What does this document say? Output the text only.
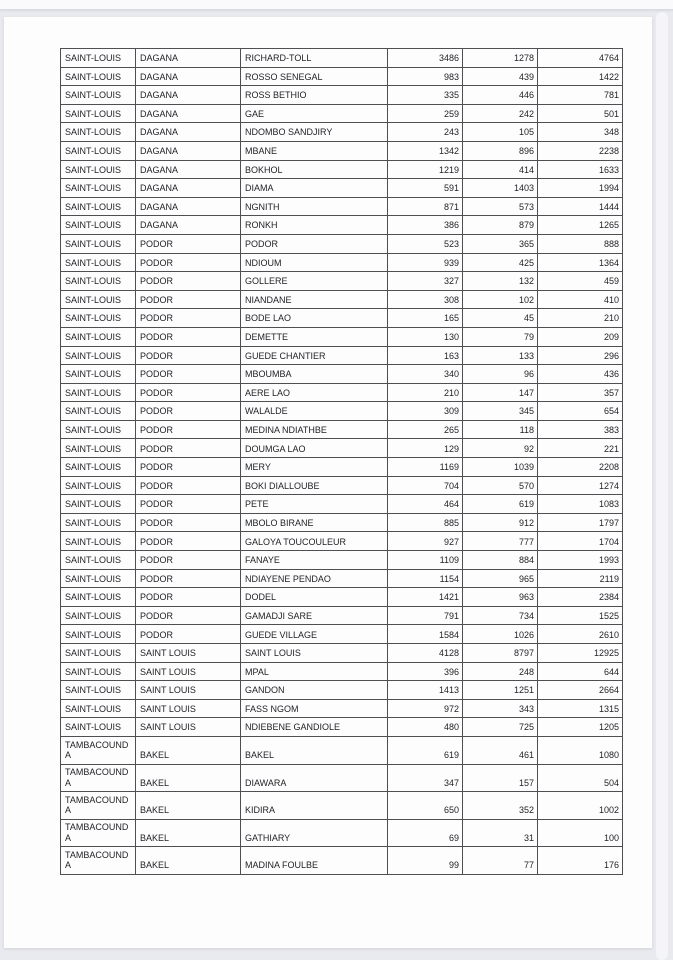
SAINT-LOUIS	DAGANA	RICHARD-TOLL	3486	1278	4764
SAINT-LOUIS	DAGANA	ROSSO SENEGAL	983	439	1422
SAINT-LOUIS	DAGANA	ROSS BETHIO	335	446	781
SAINT-LOUIS	DAGANA	GAE	259	242	501
SAINT-LOUIS	DAGANA	NDOMBO SANDJIRY	243	105	348
SAINT-LOUIS	DAGANA	MBANE	1342	896	2238
SAINT-LOUIS	DAGANA	BOKHOL	1219	414	1633
SAINT-LOUIS	DAGANA	DIAMA	591	1403	1994
SAINT-LOUIS	DAGANA	NGNITH	871	573	1444
SAINT-LOUIS	DAGANA	RONKH	386	879	1265
SAINT-LOUIS	PODOR	PODOR	523	365	888
SAINT-LOUIS	PODOR	NDIOUM	939	425	1364
SAINT-LOUIS	PODOR	GOLLERE	327	132	459
SAINT-LOUIS	PODOR	NIANDANE	308	102	410
SAINT-LOUIS	PODOR	BODE LAO	165	45	210
SAINT-LOUIS	PODOR	DEMETTE	130	79	209
SAINT-LOUIS	PODOR	GUEDE CHANTIER	163	133	296
SAINT-LOUIS	PODOR	MBOUMBA	340	96	436
SAINT-LOUIS	PODOR	AERE LAO	210	147	357
SAINT-LOUIS	PODOR	WALALDE	309	345	654
SAINT-LOUIS	PODOR	MEDINA NDIATHBE	265	118	383
SAINT-LOUIS	PODOR	DOUMGA LAO	129	92	221
SAINT-LOUIS	PODOR	MERY	1169	1039	2208
SAINT-LOUIS	PODOR	BOKI DIALLOUBE	704	570	1274
SAINT-LOUIS	PODOR	PETE	464	619	1083
SAINT-LOUIS	PODOR	MBOLO BIRANE	885	912	1797
SAINT-LOUIS	PODOR	GALOYA TOUCOULEUR	927	777	1704
SAINT-LOUIS	PODOR	FANAYE	1109	884	1993
SAINT-LOUIS	PODOR	NDIAYENE PENDAO	1154	965	2119
SAINT-LOUIS	PODOR	DODEL	1421	963	2384
SAINT-LOUIS	PODOR	GAMADJI SARE	791	734	1525
SAINT-LOUIS	PODOR	GUEDE VILLAGE	1584	1026	2610
SAINT-LOUIS	SAINT LOUIS	SAINT LOUIS	4128	8797	12925
SAINT-LOUIS	SAINT LOUIS	MPAL	396	248	644
SAINT-LOUIS	SAINT LOUIS	GANDON	1413	1251	2664
SAINT-LOUIS	SAINT LOUIS	FASS NGOM	972	343	1315
SAINT-LOUIS	SAINT LOUIS	NDIEBENE GANDIOLE	480	725	1205
TAMBACOUNDA	BAKEL	BAKEL	619	461	1080
TAMBACOUNDA	BAKEL	DIAWARA	347	157	504
TAMBACOUNDA	BAKEL	KIDIRA	650	352	1002
TAMBACOUNDA	BAKEL	GATHIARY	69	31	100
TAMBACOUNDA	BAKEL	MADINA FOULBE	99	77	176
